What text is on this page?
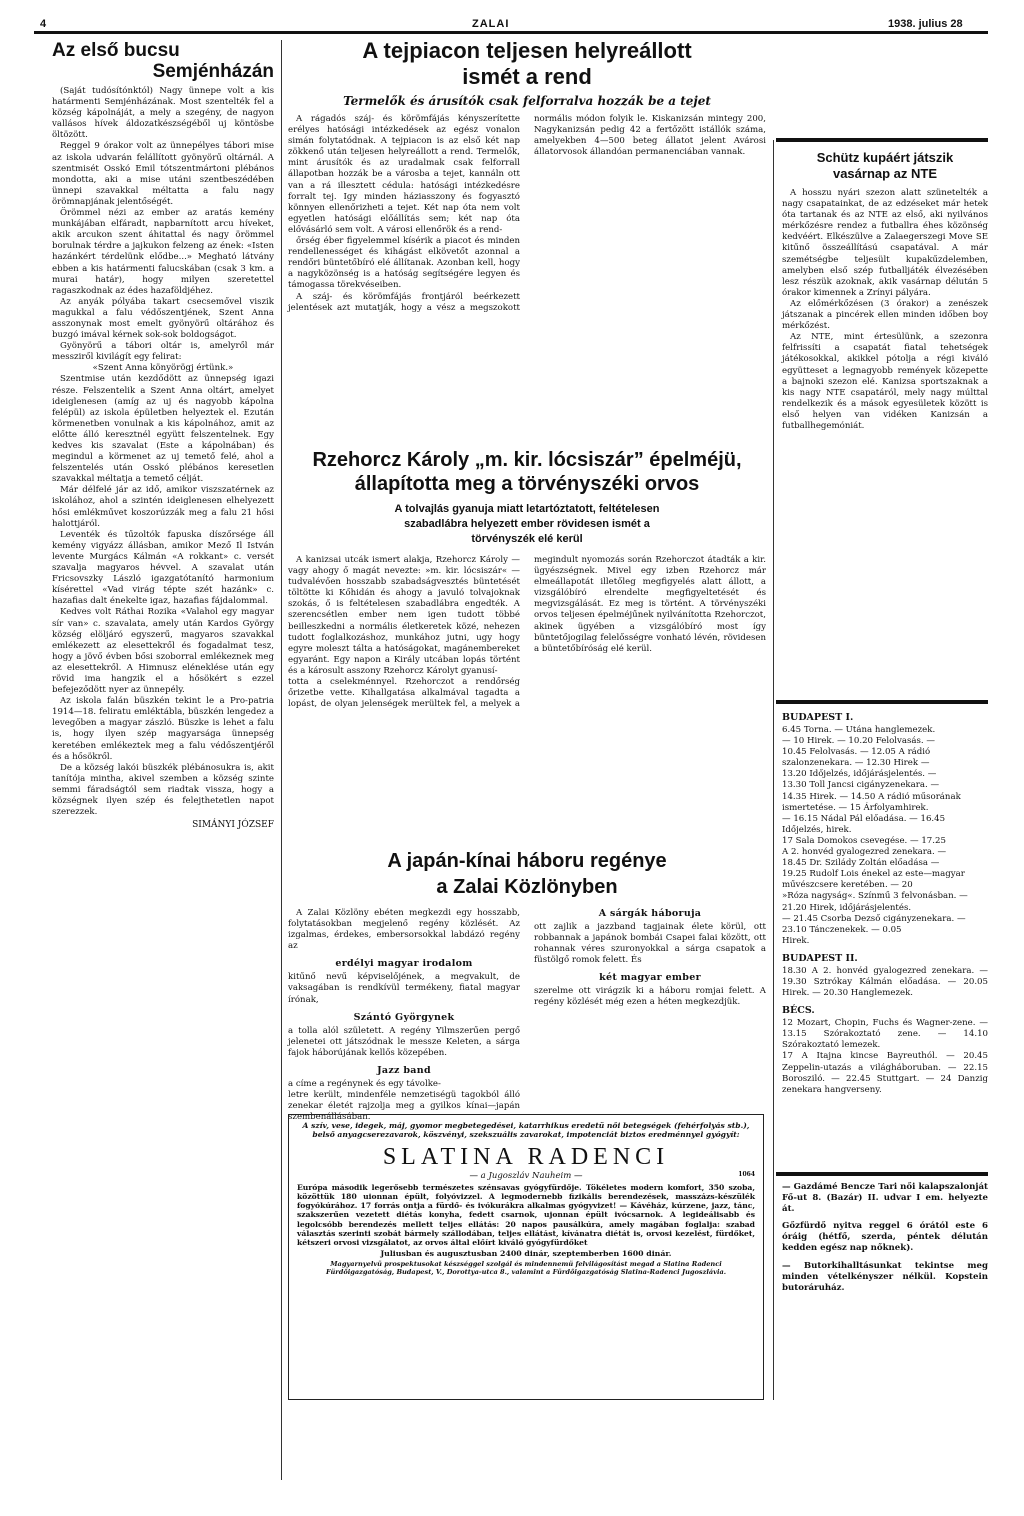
4	ZALAI	1938. julius 28
Az első bucsu
Semjénházán

(Saját tudósítónktól) Nagy ünnepe volt a kis határmenti Semjénházának. Most szentelték fel a község kápolnáját, a mely a szegény, de nagyon vallásos hívek áldozatkészségéből uj köntösbe öltözött.

Reggel 9 órakor volt az ünnepélyes tábori mise az iskola udvarán felállított gyönyörű oltárnál. A szentmisét Osskó Emil tótszentmártoni plébános mondotta, aki a mise utáni szentbeszédében ünnepi szavakkal méltatta a falu nagy örömnapjának jelentőségét.

Örömmel nézi az ember az aratás kemény munkájában elfáradt, napbarnított arcu híveket, akik arcukon szent áhitattal és nagy örömmel borulnak térdre a jajkukon felzeng az ének: «Isten hazánkért térdelünk elődbe...» Megható látvány ebben a kis határmenti falucskában (csak 3 km. a murai határ), hogy milyen szeretettel ragaszkodnak az édes hazaföldjéhez.

Az anyák pólyába takart csecsemővel viszik magukkal a falu védőszentjének, Szent Anna asszonynak most emelt gyönyörű oltárához és buzgó imával kérnek sok-sok boldogságot.

Gyönyörű a tábori oltár is, amelyről már messziről kivilágít egy felirat:

«Szent Anna könyörögj értünk.»

Szentmise után kezdődött az ünnepség igazi része. Felszentelik a Szent Anna oltárt, amelyet ideiglenesen (amíg az uj és nagyobb kápolna felépül) az iskola épületben helyeztek el. Ezután körmenetben vonulnak a kis kápolnához, amit az előtte álló keresztnél együtt felszentelnek. Egy kedves kis szavalat (Este a kápolnában) és megindul a körmenet az uj temető felé, ahol a felszentelés után Osskó plébános keresetlen szavakkal méltatja a temető célját.

Már délfelé jár az idő, amikor viszszatérnek az iskolához, ahol a szintén ideiglenesen elhelyezett hősi emlékművet koszorúzzák meg a falu 21 hősi halottjáról.

Leventék és tűzoltók fapuska díszőrsége áll kemény vigyázz állásban, amikor Mező Il István levente Murgács Kálmán «A rokkant» c. versét szavalja magyaros hévvel. A szavalat után Fricsovszky László igazgatótanító harmonium kísérettel «Vad virág tépte szét hazánk» c. hazafias dalt énekelte igaz, hazafias fájdalommal.

Kedves volt Ráthai Rozika «Valahol egy magyar sír van» c. szavalata, amely után Kardos György község elöljáró egyszerű, magyaros szavakkal emlékezett az elesettekről és fogadalmat tesz, hogy a jövő évben bősi szoborral emlékeznek meg az elesettekről. A Himnusz eléneklése után egy rövid ima hangzik el a hősökért s ezzel befejeződött nyer az ünnepély.

Az iskola falán büszkén tekint le a Pro-patria 1914—18. feliratu emléktábla, büszkén lengedez a levegőben a magyar zászló. Büszke is lehet a falu is, hogy ilyen szép magyarsága ünnepség keretében emlékeztek meg a falu védőszentjéről és a hősökről.

De a község lakói büszkék plébánosukra is, akit tanítója mintha, akivel szemben a község szinte semmi fáradságtól sem riadtak vissza, hogy a községnek ilyen szép és felejthetetlen napot szerezzek.

SIMÁNYI JÓZSEF
A tejpiacon teljesen helyreállott
ismét a rend
Termelők és árusítók csak felforralva hozzák be a tejet

A rágadós száj- és körömfájás kényszerítette erélyes hatósági intézkedések az egész vonalon simán folytatódnak. A tejpiacon is az első két nap zökkenő után teljesen helyreállott a rend. Termelők, mint árusítók és az uradalmak csak felforrall állapotban hozzák be a városba a tejet, kannáln ott van a rá illesztett cédula: hatósági intézkedésre forralt tej. Igy minden háziasszony és fogyasztó könnyen ellenőrizheti a tejet. Két nap óta nem volt egyetlen hatósági előállítás sem; két nap óta elővásárló sem volt. A városi ellenőrök és a rend-

őrség éber figyelemmel kísérik a piacot és minden rendellenességet és kihágást elkövetőt azonnal a rendőri büntetőbíró elé állítanak. Azonban kell, hogy a nagyközönség is a hatóság segítségére legyen és támogassa törekvéseiben.

A száj- és körömfájás frontjáról beérkezett jelentések azt mutatják, hogy a vész a megszokott normális módon folyik le. Kiskanizsán mintegy 200, Nagykanizsán pedig 42 a fertőzött istállók száma, amelyekben 4—500 beteg állatot jelent Avárosi állatorvosok állandóan permanenciában vannak.

Rzehorcz Károly „m. kir. lócsiszár” épelméjü,
állapította meg a törvényszéki orvos
A tolvajlás gyanuja miatt letartóztatott, feltételesen
szabadlábra helyezett ember rövidesen ismét a
törvényszék elé kerül

A kanizsai utcák ismert alakja, Rzehorcz Károly — vagy ahogy ő magát nevezte: »m. kir. lócsiszár« — tudvalévően hosszabb szabadságvesztés büntetését töltötte ki Kőhidán és ahogy a javuló tolvajoknak szokás, ő is feltételesen szabadlábra engedték. A szerencsétlen ember nem igen tudott többé beilleszkedni a normális életkeretek közé, nehezen tudott foglalkozáshoz, munkához jutni, ugy hogy egyre moleszt tálta a hatóságokat, magánembereket egyaránt. Egy napon a Király utcában lopás történt és a károsult asszony Rzehorcz Károlyt gyanusí-

totta a cselekménnyel. Rzehorczot a rendőrség őrizetbe vette. Kihallgatása alkalmával tagadta a lopást, de olyan jelenségek merültek fel, a melyek a megindult nyomozás során Rzehorczot átadták a kir. ügyészségnek. Mivel egy izben Rzehorcz már elmeállapotát illetőleg megfigyelés alatt állott, a vizsgálóbíró elrendelte megfigyeltetését és megvizsgálását. Ez meg is történt. A törvényszéki orvos teljesen épelméjűnek nyilvánította Rzehorczot, akinek ügyében a vizsgálóbíró most így büntetőjogilag felelősségre vonható lévén, rövidesen a büntetőbíróság elé kerül.

A japán-kínai háboru regénye
a Zalai Közlönyben

A Zalai Közlöny ebéten megkezdi egy hosszabb, folytatásokban megjelenő regény közlését. Az izgalmas, érdekes, embersorsokkal labdázó regény az

erdélyi magyar irodalom

kitűnő nevű képviselőjének, a megvakult, de vaksagában is rendkívül termékeny, fiatal magyar írónak,

Szántó Györgynek

a tolla alól született. A regény Yilmszerűen pergő jelenetei ott játszódnak le messze Keleten, a sárga fajok háborújának kellős közepében.

Jazz band

a címe a regénynek és egy távolke-

letre került, mindenféle nemzetiségü tagokból álló zenekar életét rajzolja meg a gyilkos kínai—japán szembenállásában.

A sárgák háboruja

ott zajlik a jazzband tagjainak élete körül, ott robbannak a japánok bombái Csapei falai között, ott rohannak véres szuronyokkal a sárga csapatok a füstölgő romok felett. És

két magyar ember

szerelme ott virágzik ki a háboru romjai felett. A regény közlését még ezen a héten megkezdjük.

A szív, vese, idegek, máj, gyomor megbetegedései, katarrhikus eredetü női betegségek (fehérfolyás stb.), belső anyagcserezavarok, köszvényi, szekszuális zavarokat, impotenciát biztos eredménnyel gyógyít:

SLATINA RADENCI
— a Jugoszláv Nauheim —	1064

Európa második legerősebb természetes szénsavas gyógyfürdője. Tökéletes modern komfort, 350 szoba, közöttük 180 uionnan épült, folyóvizzel. A legmodernebb fizikális berendezések, masszázs-készülék fogyókúrához. 17 forrás ontja a fürdő- és ivókurákra alkalmas gyógyvizet! — Kávéház, kúrzene, jazz, tánc, szakszerűen vezetett diétás konyha, fedett csarnok, ujonnan épült ivócsarnok. A legideálisabb és legolcsóbb berendezés mellett teljes ellátás: 20 napos pausálkúra, amely magában foglalja: szabad választás szerinti szobát bármely szállodában, teljes ellátást, kívánatra diétát is, orvosi kezelést, fürdőket, kétszeri orvosi vizsgálatot, az orvos által előírt kiváló gyógyfürdőket

Juliusban és augusztusban 2400 dinár, szeptemberben 1600 dinár.

Magyarnyelvü prospektusokat készséggel szolgál és mindennemü felvilágosítást megad a Slatina Radenci Fürdőigazgatóság, Budapest, V., Dorottya-utca 8., valamint a Fürdőigazgatóság Slatina-Radenci Jugoszlávia.

Schütz kupáért játszik
vasárnap az NTE

A hosszu nyári szezon alatt szünetelték a nagy csapatainkat, de az edzéseket már hetek óta tartanak és az NTE az első, aki nyilvános mérkőzésre rendez a futballra éhes közönség kedvéért. Elkészülve a Zalaegerszegi Move SE kitűnő összeállítású csapatával. A már szemétségbe teljesült kupakűzdelemben, amelyben első szép futballjáték élvezésében lesz részük azoknak, akik vasárnap délután 5 órakor kimennek a Zrínyi pályára.

Az előmérkőzésen (3 órakor) a zenészek játszanak a pincérek ellen minden időben boy mérkőzést.

Az NTE, mint értesülünk, a szezonra felfrissíti a csapatát fiatal tehetségek játékosokkal, akikkel pótolja a régi kiváló együtteset a legnagyobb remények közepette a bajnoki szezon elé. Kanizsa sportszaknak a kis nagy NTE csapatáról, mely nagy múlttal rendelkezik és a mások egyesületek között is első helyen van vidéken Kanizsán a futballhegemóniát.

BUDAPEST I.

6.45 Torna. — Utána hanglemezek.

— 10 Hirek. — 10.20 Felolvasás. —

10.45 Felolvasás. — 12.05 A rádió szalonzenekara. — 12.30 Hirek —

13.20 Időjelzés, időjárásjelentés. —

13.30 Toll Jancsi cigányzenekara. —

14.35 Hirek. — 14.50 A rádió műsorának ismertetése. — 15 Árfolyamhirek.

— 16.15 Nádal Pál előadása. — 16.45

Időjelzés, hirek.

17 Sala Domokos csevegése. — 17.25

A 2. honvéd gyalogezred zenekara. —

18.45 Dr. Szilády Zoltán előadása —

19.25 Rudolf Lois énekel az este—magyar művészcsere keretében. — 20

»Róza nagyság«. Színmű 3 felvonásban. — 21.20 Hirek, időjárásjelentés.

— 21.45 Csorba Dezső cigányzenekara. — 23.10 Tánczenekek. — 0.05

Hirek.

BUDAPEST II.

18.30 A 2. honvéd gyalogezred zenekara. — 19.30 Sztrókay Kálmán előadása. — 20.05 Hirek. — 20.30 Hanglemezek.

BÉCS.

12 Mozart, Chopin, Fuchs és Wagner-zene. — 13.15 Szórakoztató zene. — 14.10 Szórakoztató lemezek.

17 A Itajna kincse Bayreuthól. — 20.45 Zeppelin-utazás a világháboruban. — 22.15 Borosziló. — 22.45 Stuttgart. — 24 Danzig zenekara hangverseny.

— Gazdámé Bencze Tari női kalapszalonját Fő-ut 8. (Bazár) II. udvar I em. helyezte át.

Gőzfürdő nyitva reggel 6 órától este 6 óráig (hétfő, szerda, péntek délután kedden egész nap nőknek).

— Butorkihalltásunkat tekintse meg minden vételkényszer nélkül. Kopstein butoráruház.
